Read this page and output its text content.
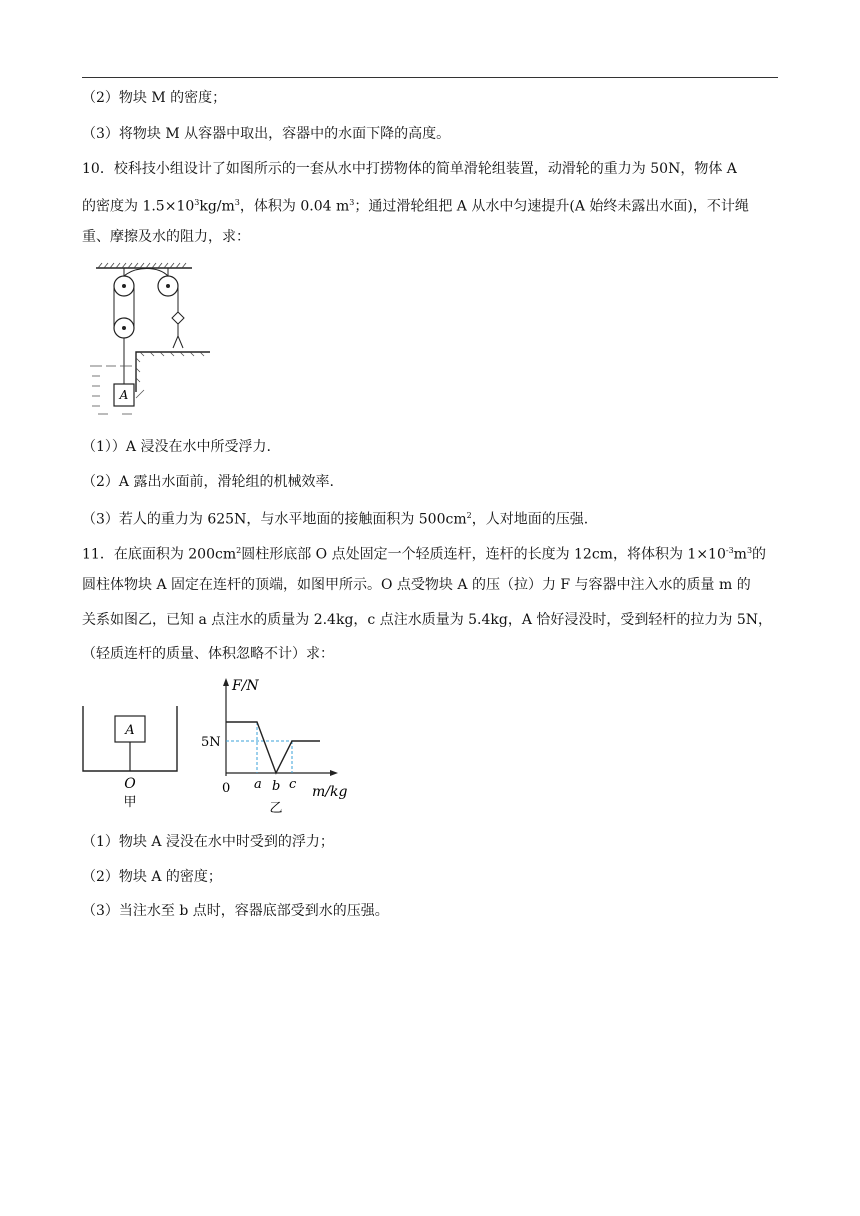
（2）物块 M 的密度；
（3）将物块 M 从容器中取出，容器中的水面下降的高度。
10．校科技小组设计了如图所示的一套从水中打捞物体的简单滑轮组装置，动滑轮的重力为 50N，物体 A
的密度为 $1.5\times 10^3kg/m^3$，体积为 0.04 $m^3$；通过滑轮组把 A 从水中匀速提升(A 始终未露出水面)，不计绳
重、摩擦及水的阻力，求：
A
（1））A 浸没在水中所受浮力.
（2）A 露出水面前，滑轮组的机械效率.
（3）若人的重力为 625N，与水平地面的接触面积为 $500cm^2$，人对地面的压强.
11．在底面积为 $200cm^2$圆柱形底部 O 点处固定一个轻质连杆，连杆的长度为 12cm，将体积为 $1\times 10^{-3}m^3$的
圆柱体物块 A 固定在连杆的顶端，如图甲所示。O 点受物块 A 的压（拉）力 F 与容器中注入水的质量 m 的
关系如图乙，已知 a 点注水的质量为 2.4kg，c 点注水质量为 5.4kg，A 恰好浸没时，受到轻杆的拉力为 5N，
（轻质连杆的质量、体积忽略不计）求：
A
O
甲
F/N
5N
0 a b c m/kg
乙
（1）物块 A 浸没在水中时受到的浮力；
（2）物块 A 的密度；
（3）当注水至 b 点时，容器底部受到水的压强。
